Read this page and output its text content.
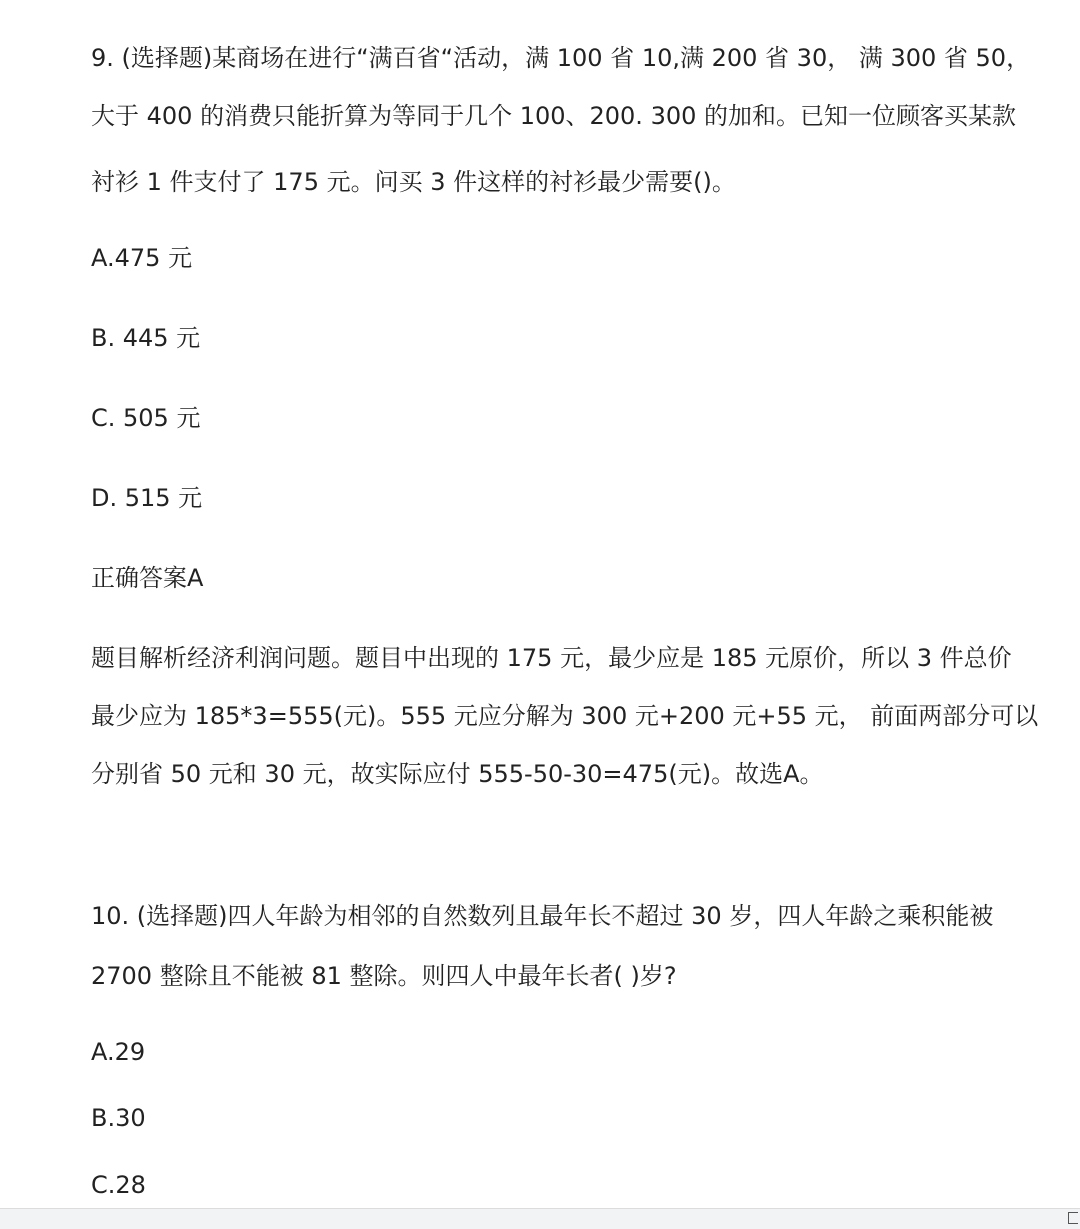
9. (选择题)某商场在进行“满百省“活动，满 100 省 10,满 200 省 30， 满 300 省 50，
大于 400 的消费只能折算为等同于几个 100、200. 300 的加和。已知一位顾客买某款
衬衫 1 件支付了 175 元。问买 3 件这样的衬衫最少需要()。
A.475 元
B. 445 元
C. 505 元
D. 515 元
正确答案A
题目解析经济利润问题。题目中出现的 175 元，最少应是 185 元原价，所以 3 件总价
最少应为 185*3=555(元)。555 元应分解为 300 元+200 元+55 元， 前面两部分可以
分别省 50 元和 30 元，故实际应付 555-50-30=475(元)。故选A。
10. (选择题)四人年龄为相邻的自然数列且最年长不超过 30 岁，四人年龄之乘积能被
2700 整除且不能被 81 整除。则四人中最年长者( )岁?
A.29
B.30
C.28
